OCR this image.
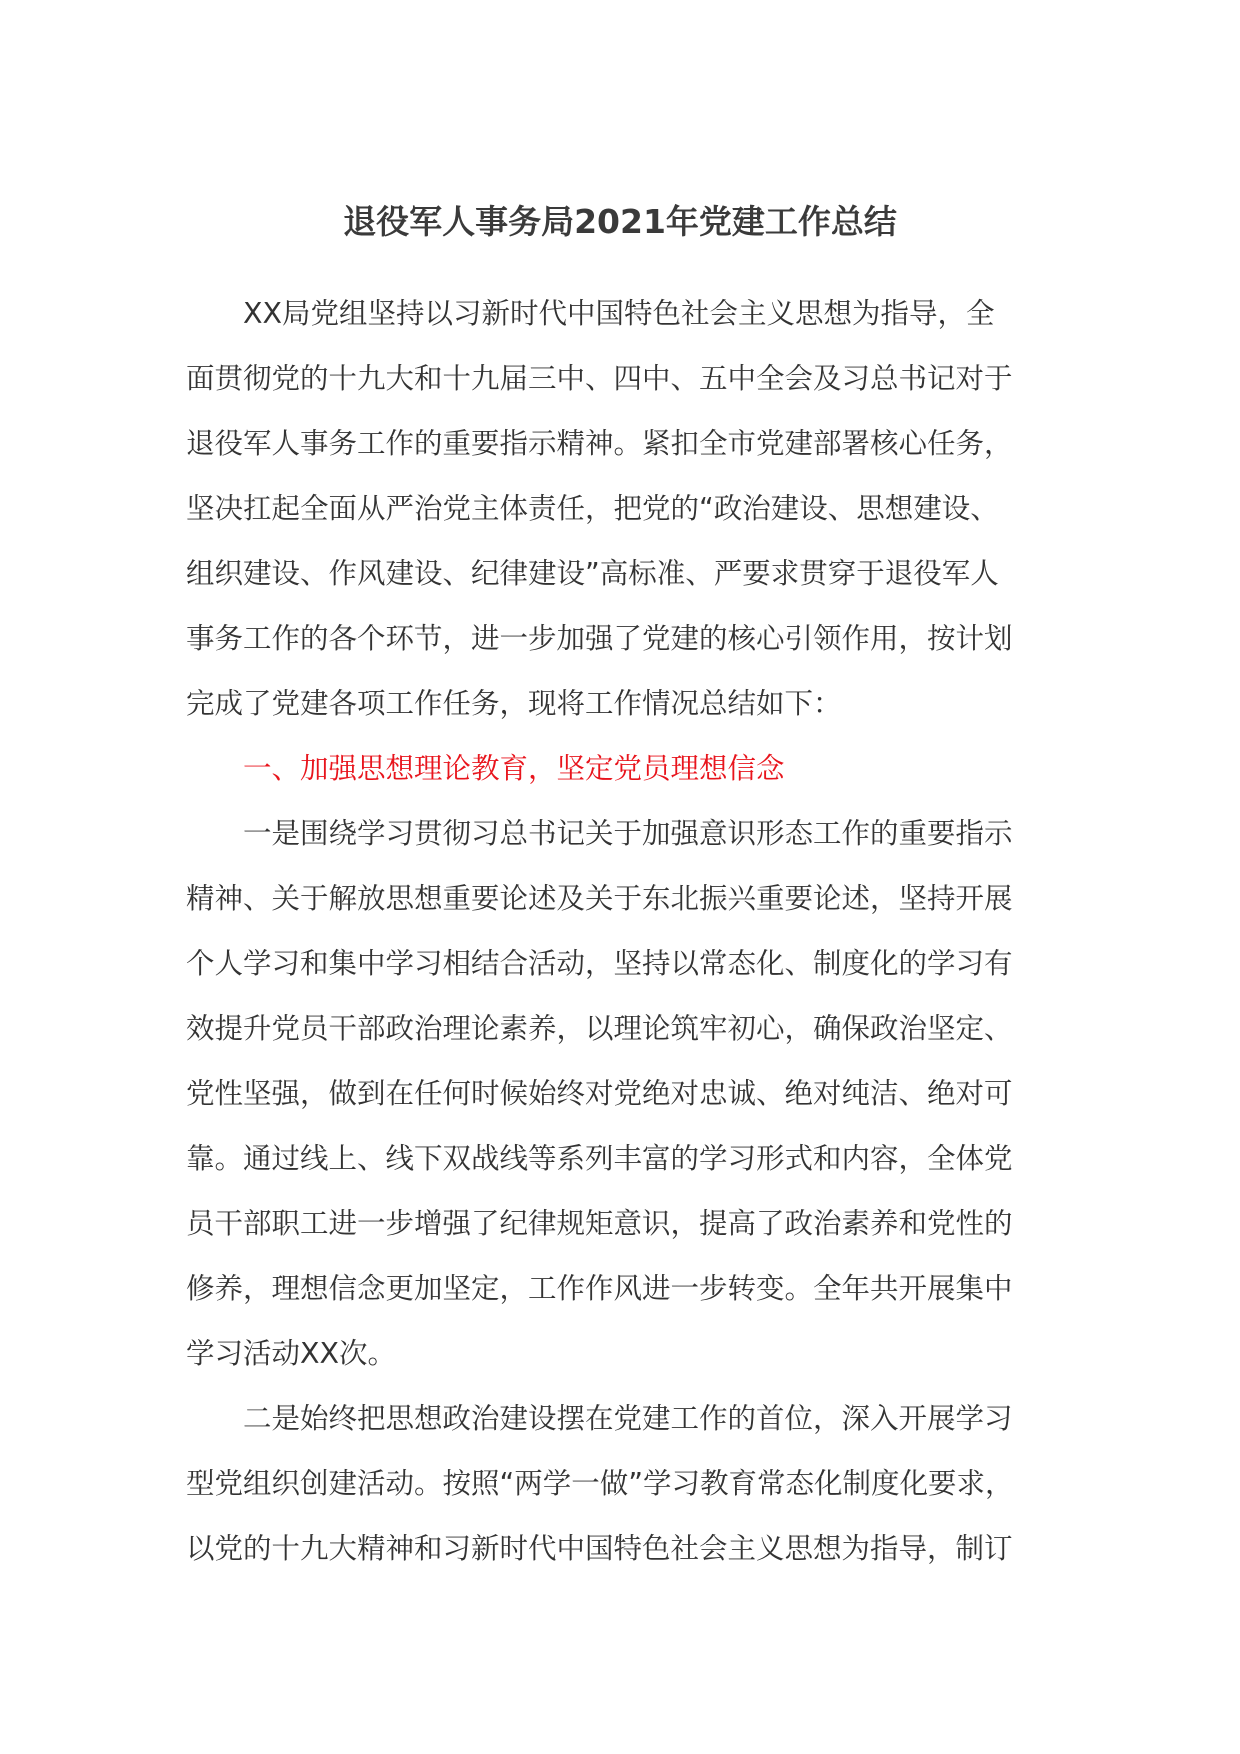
退役军人事务局2021年党建工作总结

XX局党组坚持以习新时代中国特色社会主义思想为指导，全
面贯彻党的十九大和十九届三中、四中、五中全会及习总书记对于
退役军人事务工作的重要指示精神。紧扣全市党建部署核心任务，
坚决扛起全面从严治党主体责任，把党的“政治建设、思想建设、
组织建设、作风建设、纪律建设”高标准、严要求贯穿于退役军人
事务工作的各个环节，进一步加强了党建的核心引领作用，按计划
完成了党建各项工作任务，现将工作情况总结如下：

一、加强思想理论教育，坚定党员理想信念

一是围绕学习贯彻习总书记关于加强意识形态工作的重要指示
精神、关于解放思想重要论述及关于东北振兴重要论述，坚持开展
个人学习和集中学习相结合活动，坚持以常态化、制度化的学习有
效提升党员干部政治理论素养，以理论筑牢初心，确保政治坚定、
党性坚强，做到在任何时候始终对党绝对忠诚、绝对纯洁、绝对可
靠。通过线上、线下双战线等系列丰富的学习形式和内容，全体党
员干部职工进一步增强了纪律规矩意识，提高了政治素养和党性的
修养，理想信念更加坚定，工作作风进一步转变。全年共开展集中
学习活动XX次。

二是始终把思想政治建设摆在党建工作的首位，深入开展学习
型党组织创建活动。按照“两学一做”学习教育常态化制度化要求，
以党的十九大精神和习新时代中国特色社会主义思想为指导，制订
